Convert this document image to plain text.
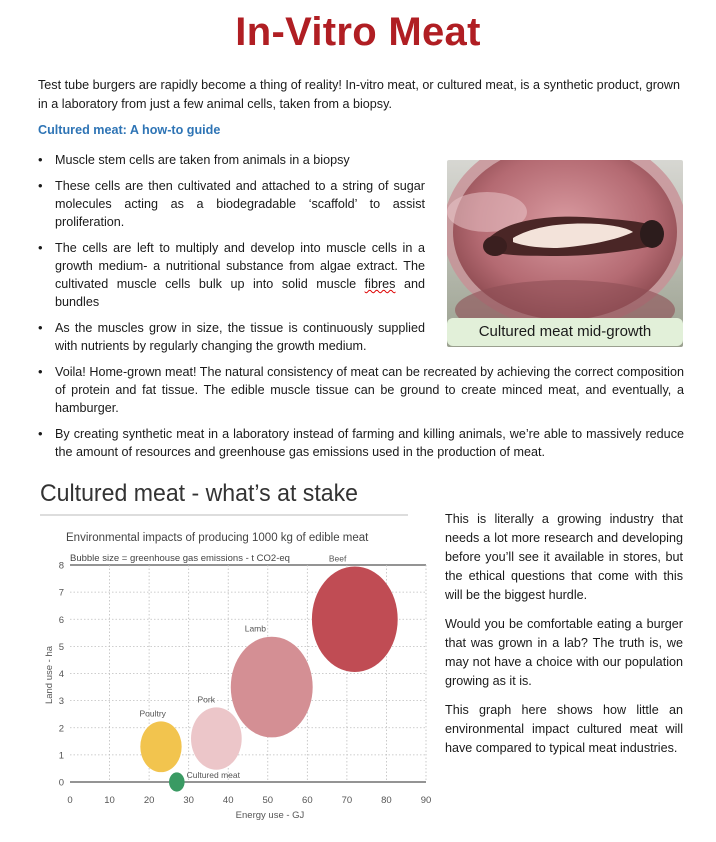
In-Vitro Meat
Test tube burgers are rapidly become a thing of reality! In-vitro meat, or cultured meat, is a synthetic product, grown in a laboratory from just a few animal cells, taken from a biopsy.
Cultured meat: A how-to guide
• Muscle stem cells are taken from animals in a biopsy
• These cells are then cultivated and attached to a string of sugar molecules acting as a biodegradable ‘scaffold’ to assist proliferation.
• The cells are left to multiply and develop into muscle cells in a growth medium- a nutritional substance from algae extract. The cultivated muscle cells bulk up into solid muscle fibres and bundles
• As the muscles grow in size, the tissue is continuously supplied with nutrients by regularly changing the growth medium.
• Voila! Home-grown meat! The natural consistency of meat can be recreated by achieving the correct composition of protein and fat tissue. The edible muscle tissue can be ground to create minced meat, and eventually, a hamburger.
• By creating synthetic meat in a laboratory instead of farming and killing animals, we’re able to massively reduce the amount of resources and greenhouse gas emissions used in the production of meat.
Cultured meat mid-growth
Cultured meat - what’s at stake
Environmental impacts of producing 1000 kg of edible meat
Bubble size = greenhouse gas emissions - t CO2-eq
Land use - ha
Energy use - GJ
0
1
2
3
4
5
6
7
8
0	10	20	30	40	50	60	70	80	90
Poultry
Pork
Lamb
Beef
Cultured meat

This is literally a growing industry that needs a lot more research and developing before you’ll see it available in stores, but the ethical questions that come with this will be the biggest hurdle.

Would you be comfortable eating a burger that was grown in a lab? The truth is, we may not have a choice with our population growing as it is.

This graph here shows how little an environmental impact cultured meat will have compared to typical meat industries.
